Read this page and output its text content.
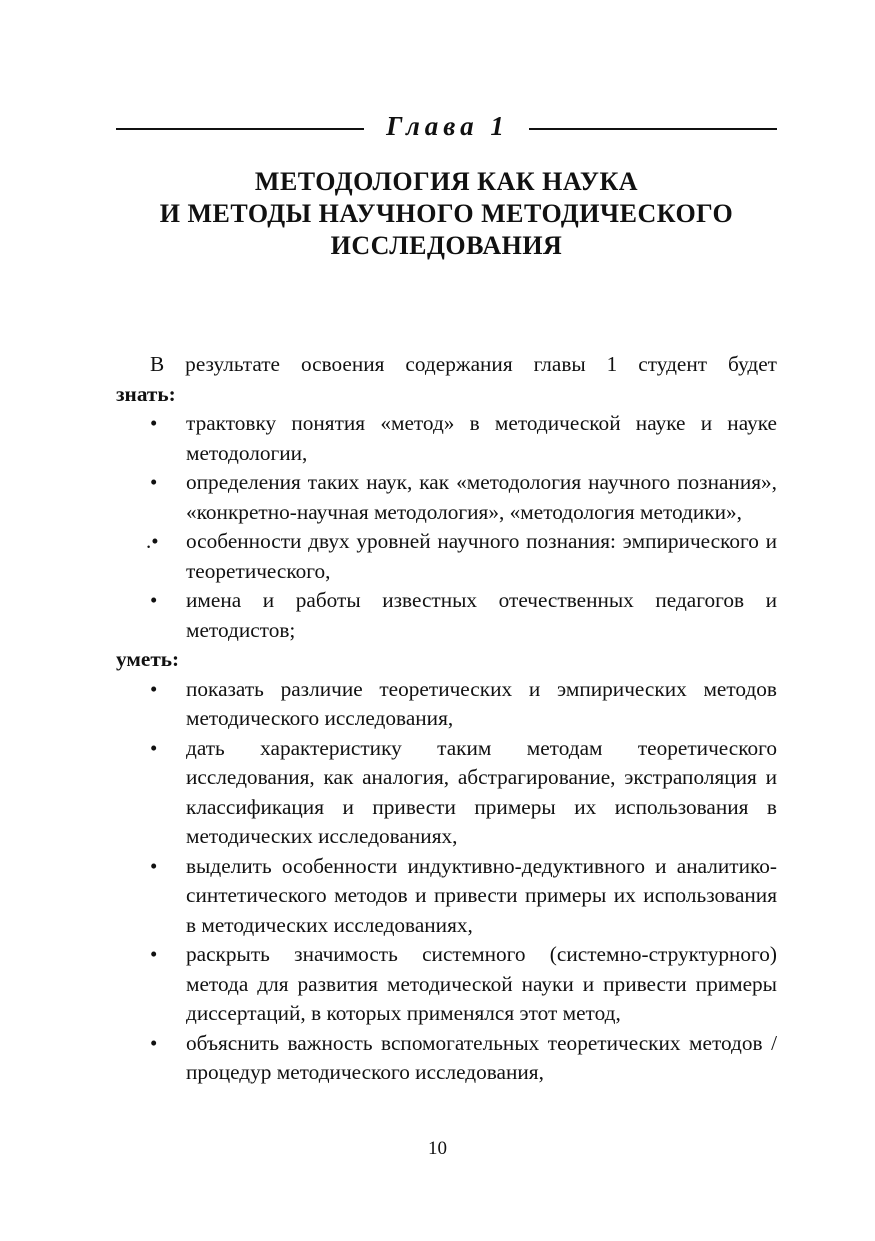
Глава 1
МЕТОДОЛОГИЯ КАК НАУКА
И МЕТОДЫ НАУЧНОГО МЕТОДИЧЕСКОГО
ИССЛЕДОВАНИЯ

В результате освоения содержания главы 1 студент будет

знать:

•	трактовку понятия «метод» в методической науке и науке методологии,
•	определения таких наук, как «методология научного познания», «конкретно-научная методология», «методология методики»,
.•	особенности двух уровней научного познания: эмпирического и теоретического,
•	имена и работы известных отечественных педагогов и методистов;

уметь:

•	показать различие теоретических и эмпирических методов методического исследования,
•	дать характеристику таким методам теоретического исследования, как аналогия, абстрагирование, экстраполяция и классификация и привести примеры их использования в методических исследованиях,
•	выделить особенности индуктивно-дедуктивного и аналитико-синтетического методов и привести примеры их использования в методических исследованиях,
•	раскрыть значимость системного (системно-структурного) метода для развития методической науки и привести примеры диссертаций, в которых применялся этот метод,
•	объяснить важность вспомогательных теоретических методов / процедур методического исследования,
10
